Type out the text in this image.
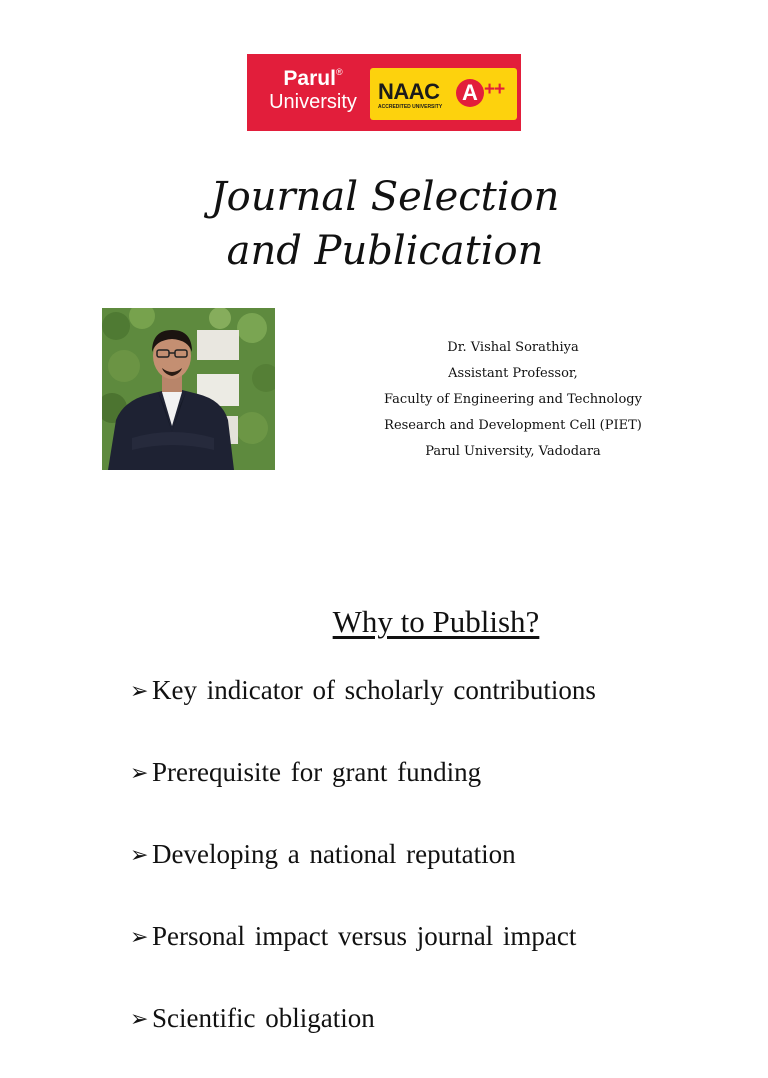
Parul®
University NAAC
ACCREDITED UNIVERSITY
A ++
Journal Selection
and Publication
Dr. Vishal Sorathiya
Assistant Professor,
Faculty of Engineering and Technology
Research and Development Cell (PIET)
Parul University, Vadodara
Why to Publish?
➢ Key indicator of scholarly contributions
➢ Prerequisite for grant funding
➢ Developing a national reputation
➢ Personal impact versus journal impact
➢ Scientific obligation
